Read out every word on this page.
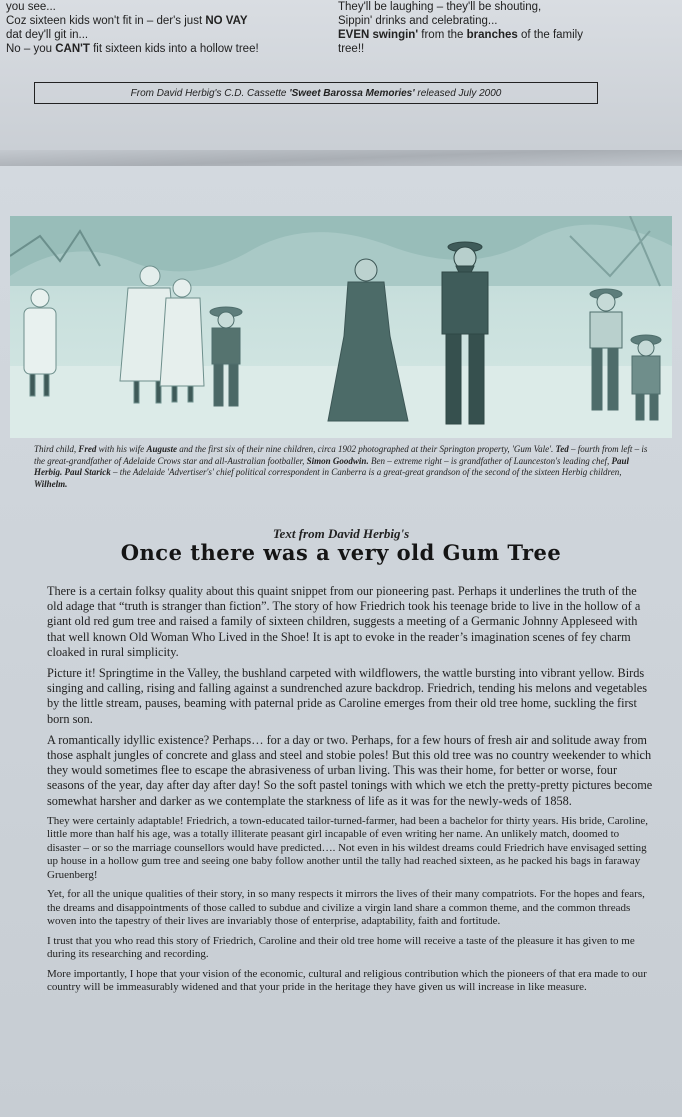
you see...
Coz sixteen kids won't fit in – der's just NO VAY
dat dey'll git in...
No – you CAN'T fit sixteen kids into a hollow tree!
They'll be laughing – they'll be shouting,
Sippin' drinks and celebrating...
EVEN swingin' from the branches of the family
tree!!
From David Herbig's C.D. Cassette 'Sweet Barossa Memories' released July 2000
Third child, Fred with his wife Auguste and the first six of their nine children, circa 1902 photographed at their Springton property, 'Gum Vale'. Ted – fourth from left – is the great-grandfather of Adelaide Crows star and all-Australian footballer, Simon Goodwin. Ben – extreme right – is grandfather of Launceston's leading chef, Paul Herbig. Paul Starick – the Adelaide 'Advertiser's' chief political correspondent in Canberra is a great-great grandson of the second of the sixteen Herbig children, Wilhelm.
Text from David Herbig's
Once there was a very old Gum Tree

There is a certain folksy quality about this quaint snippet from our pioneering past. Perhaps it underlines the truth of the old adage that “truth is stranger than fiction”. The story of how Friedrich took his teenage bride to live in the hollow of a giant old red gum tree and raised a family of sixteen children, suggests a meeting of a Germanic Johnny Appleseed with that well known Old Woman Who Lived in the Shoe! It is apt to evoke in the reader’s imagination scenes of fey charm cloaked in rural simplicity.

Picture it! Springtime in the Valley, the bushland carpeted with wildflowers, the wattle bursting into vibrant yellow. Birds singing and calling, rising and falling against a sundrenched azure backdrop. Friedrich, tending his melons and vegetables by the little stream, pauses, beaming with paternal pride as Caroline emerges from their old tree home, suckling the first born son.

A romantically idyllic existence? Perhaps… for a day or two. Perhaps, for a few hours of fresh air and solitude away from those asphalt jungles of concrete and glass and steel and stobie poles! But this old tree was no country weekender to which they would sometimes flee to escape the abrasiveness of urban living. This was their home, for better or worse, four seasons of the year, day after day after day! So the soft pastel tonings with which we etch the pretty-pretty pictures become somewhat harsher and darker as we contemplate the starkness of life as it was for the newly-weds of 1858.

They were certainly adaptable! Friedrich, a town-educated tailor-turned-farmer, had been a bachelor for thirty years. His bride, Caroline, little more than half his age, was a totally illiterate peasant girl incapable of even writing her name. An unlikely match, doomed to disaster – or so the marriage counsellors would have predicted…. Not even in his wildest dreams could Friedrich have envisaged setting up house in a hollow gum tree and seeing one baby follow another until the tally had reached sixteen, as he packed his bags in faraway Gruenberg!

Yet, for all the unique qualities of their story, in so many respects it mirrors the lives of their many compatriots. For the hopes and fears, the dreams and disappointments of those called to subdue and civilize a virgin land share a common theme, and the common threads woven into the tapestry of their lives are invariably those of enterprise, adaptability, faith and fortitude.

I trust that you who read this story of Friedrich, Caroline and their old tree home will receive a taste of the pleasure it has given to me during its researching and recording.

More importantly, I hope that your vision of the economic, cultural and religious contribution which the pioneers of that era made to our country will be immeasurably widened and that your pride in the heritage they have given us will increase in like measure.
